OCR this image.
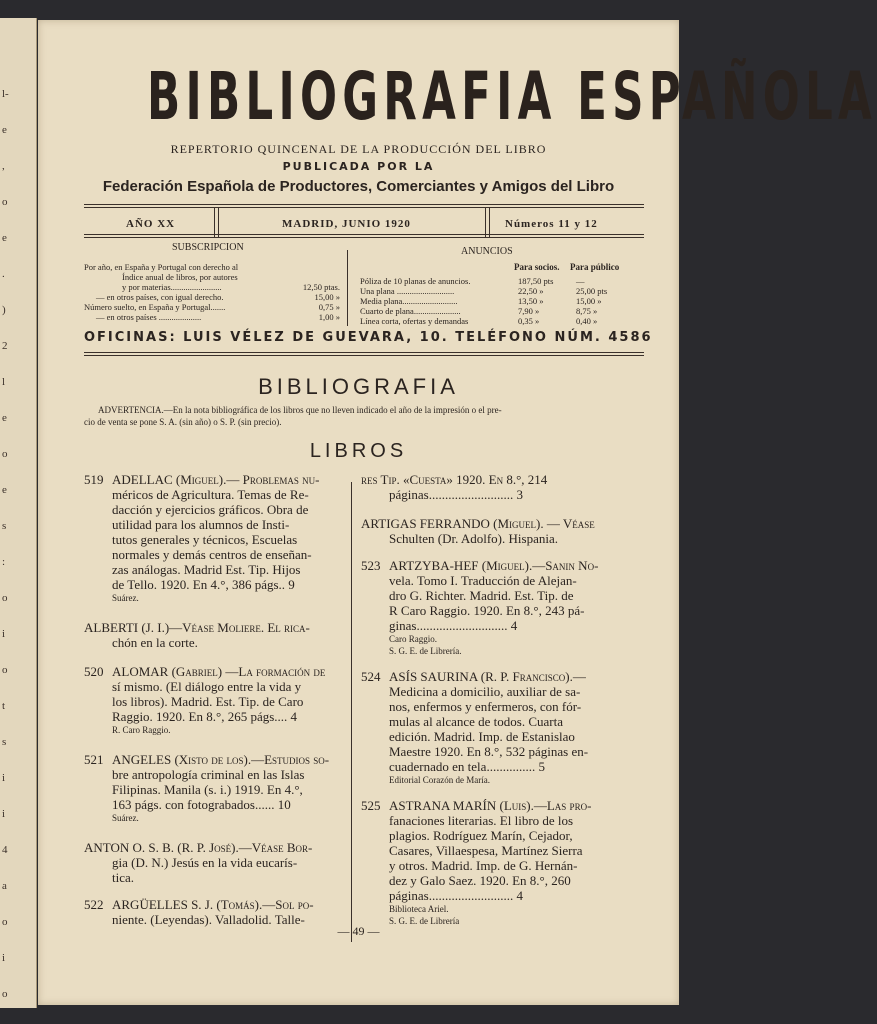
l-
e
,
o
e
.
)
2
l
e
o
e
s
:
o
i
o
t
s
i
i
4
a
o
i
o
BIBLIOGRAFIA ESPAÑOLA
REPERTORIO QUINCENAL DE LA PRODUCCIÓN DEL LIBRO
PUBLICADA POR LA
Federación Española de Productores, Comerciantes y Amigos del Libro
AÑO XX	MADRID, JUNIO 1920	Números 11 y 12
SUBSCRIPCION
Por año, en España y Portugal con derecho al
Índice anual de libros, por autores
y por materias........................	12,50 ptas.
— en otros países, con igual derecho.	15,00 »
Número suelto, en España y Portugal.......	0,75 »
— en otros países ....................	1,00 »
ANUNCIOS
Para socios. Para público
Póliza de 10 planas de anuncios.	187,50 pts	—
Una plana ...........................	22,50 »	25,00 pts
Media plana..........................	13,50 »	15,00 »
Cuarto de plana......................	7,90 »	8,75 »
Línea corta, ofertas y demandas	0,35 »	0,40 »
OFICINAS: LUIS VÉLEZ DE GUEVARA, 10. TELÉFONO NÚM. 4586
BIBLIOGRAFIA
ADVERTENCIA.—En la nota bibliográfica de los libros que no lleven indicado el año de la impresión o el pre-
cio de venta se pone S. A. (sin año) o S. P. (sin precio).
LIBROS
519 ADELLAC (Miguel).— Problemas nu-
méricos de Agricultura. Temas de Re-
dacción y ejercicios gráficos. Obra de
utilidad para los alumnos de Insti-
tutos generales y técnicos, Escuelas
normales y demás centros de enseñan-
zas análogas. Madrid Est. Tip. Hijos
de Tello. 1920. En 4.°, 386 págs.. 9
Suárez.
ALBERTI (J. I.)—Véase Moliere. El rica-
chón en la corte.
520 ALOMAR (Gabriel) —La formación de
sí mismo. (El diálogo entre la vida y
los libros). Madrid. Est. Tip. de Caro
Raggio. 1920. En 8.°, 265 págs.... 4
R. Caro Raggio.
521 ANGELES (Xisto de los).—Estudios so-
bre antropología criminal en las Islas
Filipinas. Manila (s. i.) 1919. En 4.°,
163 págs. con fotograbados...... 10
Suárez.
ANTON O. S. B. (R. P. José).—Véase Bor-
gia (D. N.) Jesús en la vida eucarís-
tica.
522 ARGÜELLES S. J. (Tomás).—Sol po-
niente. (Leyendas). Valladolid. Talle-
res Tip. «Cuesta» 1920. En 8.°, 214
páginas.......................... 3
ARTIGAS FERRANDO (Miguel). — Véase
Schulten (Dr. Adolfo). Hispania.
523 ARTZYBA-HEF (Miguel).—Sanin No-
vela. Tomo I. Traducción de Alejan-
dro G. Richter. Madrid. Est. Tip. de
R Caro Raggio. 1920. En 8.°, 243 pá-
ginas............................ 4
Caro Raggio.
S. G. E. de Librería.
524 ASÍS SAURINA (R. P. Francisco).—
Medicina a domicilio, auxiliar de sa-
nos, enfermos y enfermeros, con fór-
mulas al alcance de todos. Cuarta
edición. Madrid. Imp. de Estanislao
Maestre 1920. En 8.°, 532 páginas en-
cuadernado en tela............... 5
Editorial Corazón de María.
525 ASTRANA MARÍN (Luis).—Las pro-
fanaciones literarias. El libro de los
plagios. Rodríguez Marín, Cejador,
Casares, Villaespesa, Martínez Sierra
y otros. Madrid. Imp. de G. Hernán-
dez y Galo Saez. 1920. En 8.°, 260
páginas.......................... 4
Biblioteca Ariel.
S. G. E. de Librería
— 49 —
